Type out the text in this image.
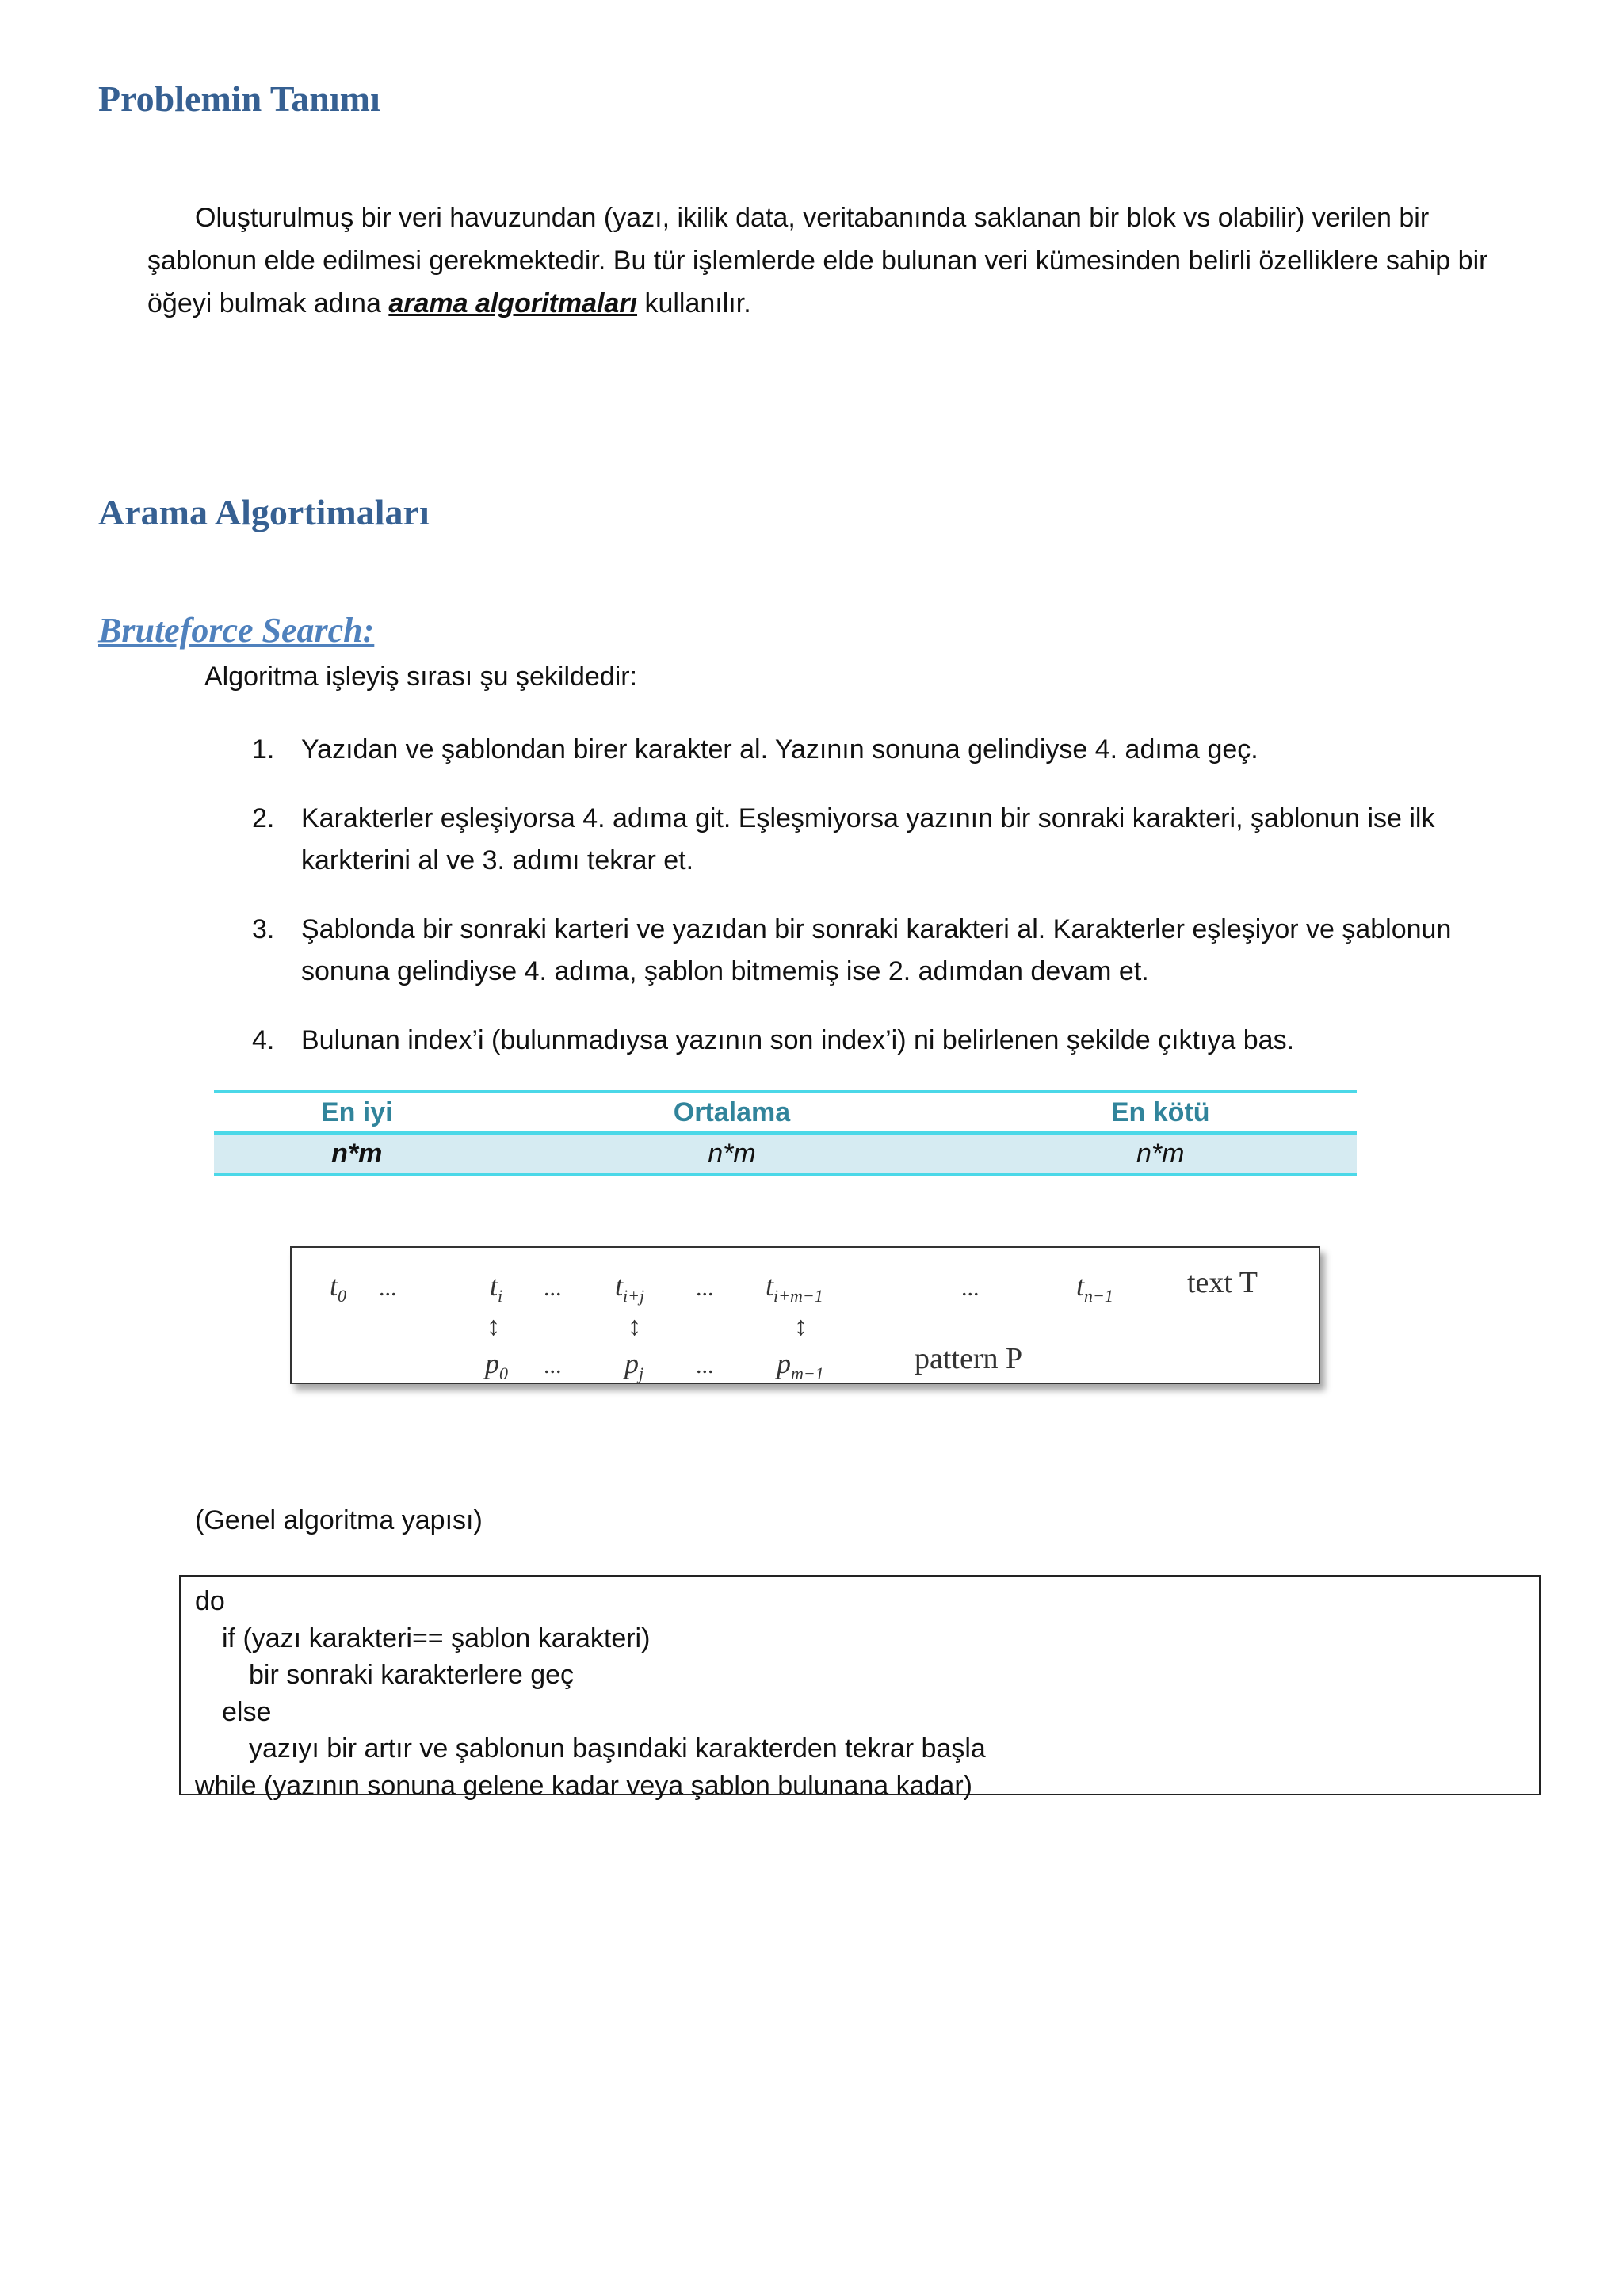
Problemin Tanımı

Oluşturulmuş bir veri havuzundan (yazı, ikilik data, veritabanında saklanan bir blok vs olabilir) verilen bir şablonun elde edilmesi gerekmektedir. Bu tür işlemlerde elde bulunan veri kümesinden belirli özelliklere sahip bir öğeyi bulmak adına arama algoritmaları kullanılır.

Arama Algortimaları
Bruteforce Search:

Algoritma işleyiş sırası şu şekildedir:

1. Yazıdan ve şablondan birer karakter al. Yazının sonuna gelindiyse 4. adıma geç.
2. Karakterler eşleşiyorsa 4. adıma git. Eşleşmiyorsa yazının bir sonraki karakteri, şablonun ise ilk karkterini al ve 3. adımı tekrar et.
3. Şablonda bir sonraki karteri ve yazıdan bir sonraki karakteri al. Karakterler eşleşiyor ve şablonun sonuna gelindiyse 4. adıma, şablon bitmemiş ise 2. adımdan devam et.
4. Bulunan index’i (bulunmadıysa yazının son index’i) ni belirlenen şekilde çıktıya bas.
En iyi	Ortalama	En kötü
n*m	n*m	n*m
$t_0$ ...	$t_i$ ... $t_{i+j}$ ... $t_{i+m-1}$	...	$t_{n-1}$ text T
↕	↕	↕
$p_0$ ... $p_j$ ... $p_{m-1}$	pattern P

(Genel algoritma yapısı)

do
if (yazı karakteri== şablon karakteri)
bir sonraki karakterlere geç
else
yazıyı bir artır ve şablonun başındaki karakterden tekrar başla
while (yazının sonuna gelene kadar veya şablon bulunana kadar)
